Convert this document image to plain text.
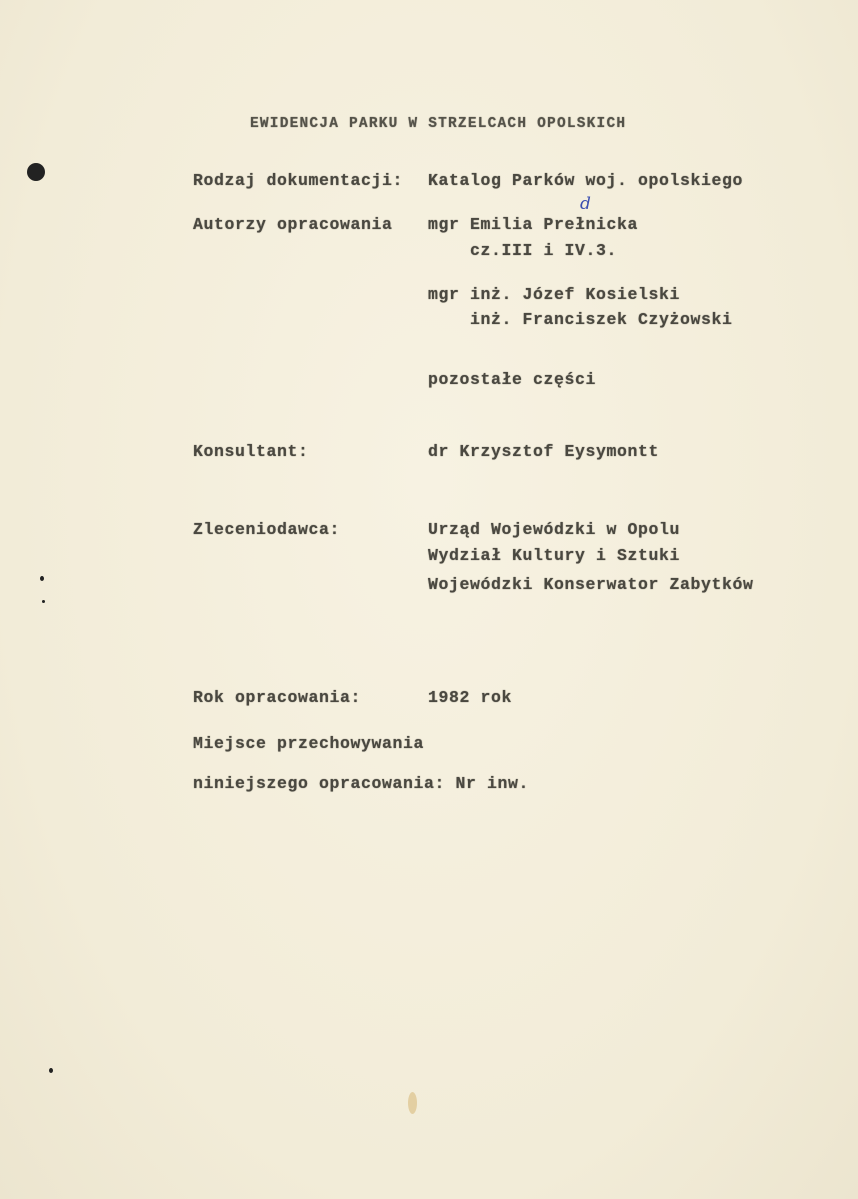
EWIDENCJA PARKU W STRZELCACH OPOLSKICH
Rodzaj dokumentacji: Katalog Parków woj. opolskiego
Autorzy opracowania mgr Emilia Prełnicka
d
cz.III i IV.3.
mgr inż. Józef Kosielski
inż. Franciszek Czyżowski
pozostałe części
Konsultant:	dr Krzysztof Eysymontt
Zleceniodawca:	Urząd Wojewódzki w Opolu
Wydział Kultury i Sztuki
Wojewódzki Konserwator Zabytków
Rok opracowania:	1982 rok
Miejsce przechowywania
niniejszego opracowania: Nr inw.
